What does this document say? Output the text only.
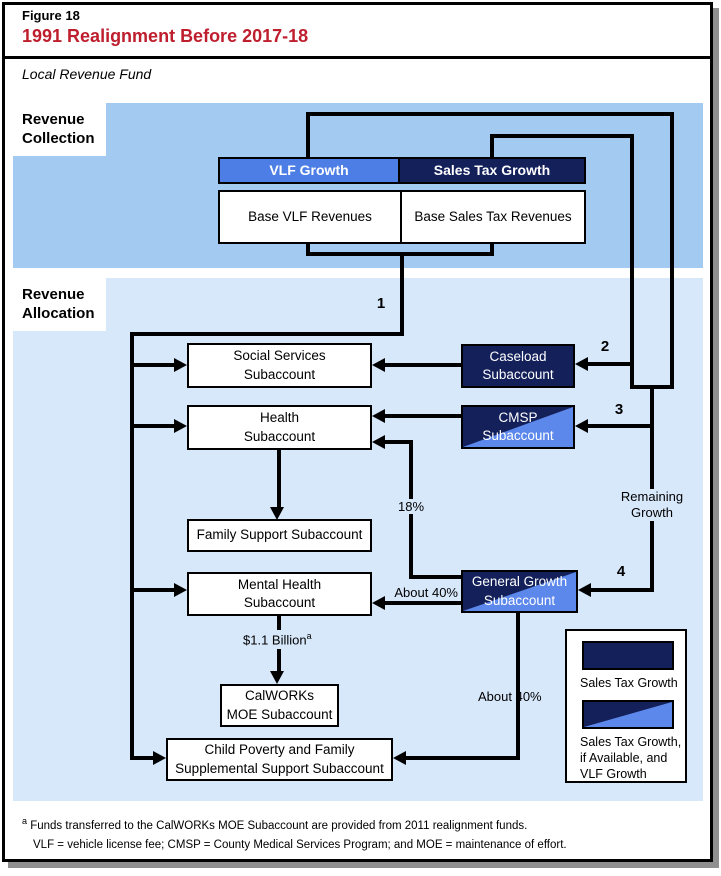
Figure 18
1991 Realignment Before 2017-18
Local Revenue Fund
Revenue Collection
Revenue Allocation
VLF Growth	Sales Tax Growth
Base VLF Revenues	Base Sales Tax Revenues
1
Social Services
Subaccount
Caseload
Subaccount
2
Health
Subaccount
CMSP
Subaccount
3
18%
Family Support Subaccount
Mental Health
Subaccount
General Growth
Subaccount
About 40%
Remaining
Growth
4
$1.1 Billion$^a$
CalWORKs
MOE Subaccount
About 40%
Child Poverty and Family
Supplemental Support Subaccount
Sales Tax Growth
Sales Tax Growth,
if Available, and
VLF Growth
$^a$ Funds transferred to the CalWORKs MOE Subaccount are provided from 2011 realignment funds.
VLF = vehicle license fee; CMSP = County Medical Services Program; and MOE = maintenance of effort.
